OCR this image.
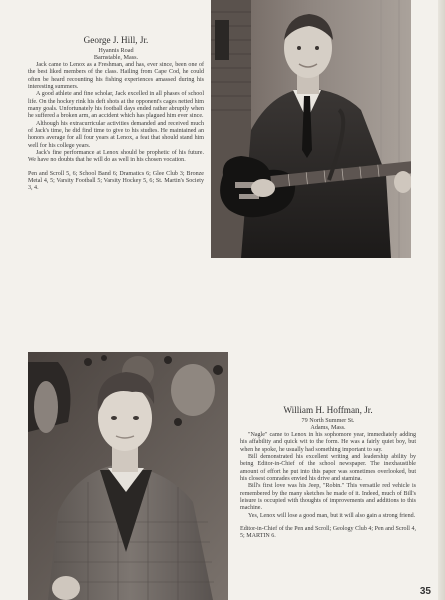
George J. Hill, Jr.
Hyannis Road
Barnstable, Mass.

Jack came to Lenox as a Freshman, and has, ever since, been one of the best liked members of the class. Hailing from Cape Cod, he could often be heard recounting his fishing experiences amassed during his interesting summers.

A good athlete and fine scholar, Jack excelled in all phases of school life. On the hockey rink his deft shots at the opponent's cages netted him many goals. Unfortunately his football days ended rather abruptly when he suffered a broken arm, an accident which has plagued him ever since.

Although his extracurricular activities demanded and received much of Jack's time, he did find time to give to his studies. He maintained an honors average for all four years at Lenox, a feat that should stand him well for his college years.

Jack's fine performance at Lenox should be prophetic of his future. We have no doubts that he will do as well in his chosen vocation.

Pen and Scroll 5, 6; School Band 6; Dramatics 6; Glee Club 3; Bronze Metal 4, 5; Varsity Football 5; Varsity Hockey 5, 6; St. Martin's Society 3, 4.

William H. Hoffman, Jr.
79 North Summer St.
Adams, Mass.

"Nagle" came to Lenox in his sophomore year, immediately adding his affability and quick wit to the form. He was a fairly quiet boy, but when he spoke, he usually had something important to say.

Bill demonstrated his excellent writing and leadership ability by being Editor-in-Chief of the school newspaper. The inexhaustible amount of effort he put into this paper was sometimes overlooked, but his closest comrades envied his drive and stamina.

Bill's first love was his Jeep, "Robin." This versatile red vehicle is remembered by the many sketches he made of it. Indeed, much of Bill's leisure is occupied with thoughts of improvements and additions to this machine.

Yes, Lenox will lose a good man, but it will also gain a strong friend.

Editor-in-Chief of the Pen and Scroll; Geology Club 4; Pen and Scroll 4, 5; MARTIN 6.

35
